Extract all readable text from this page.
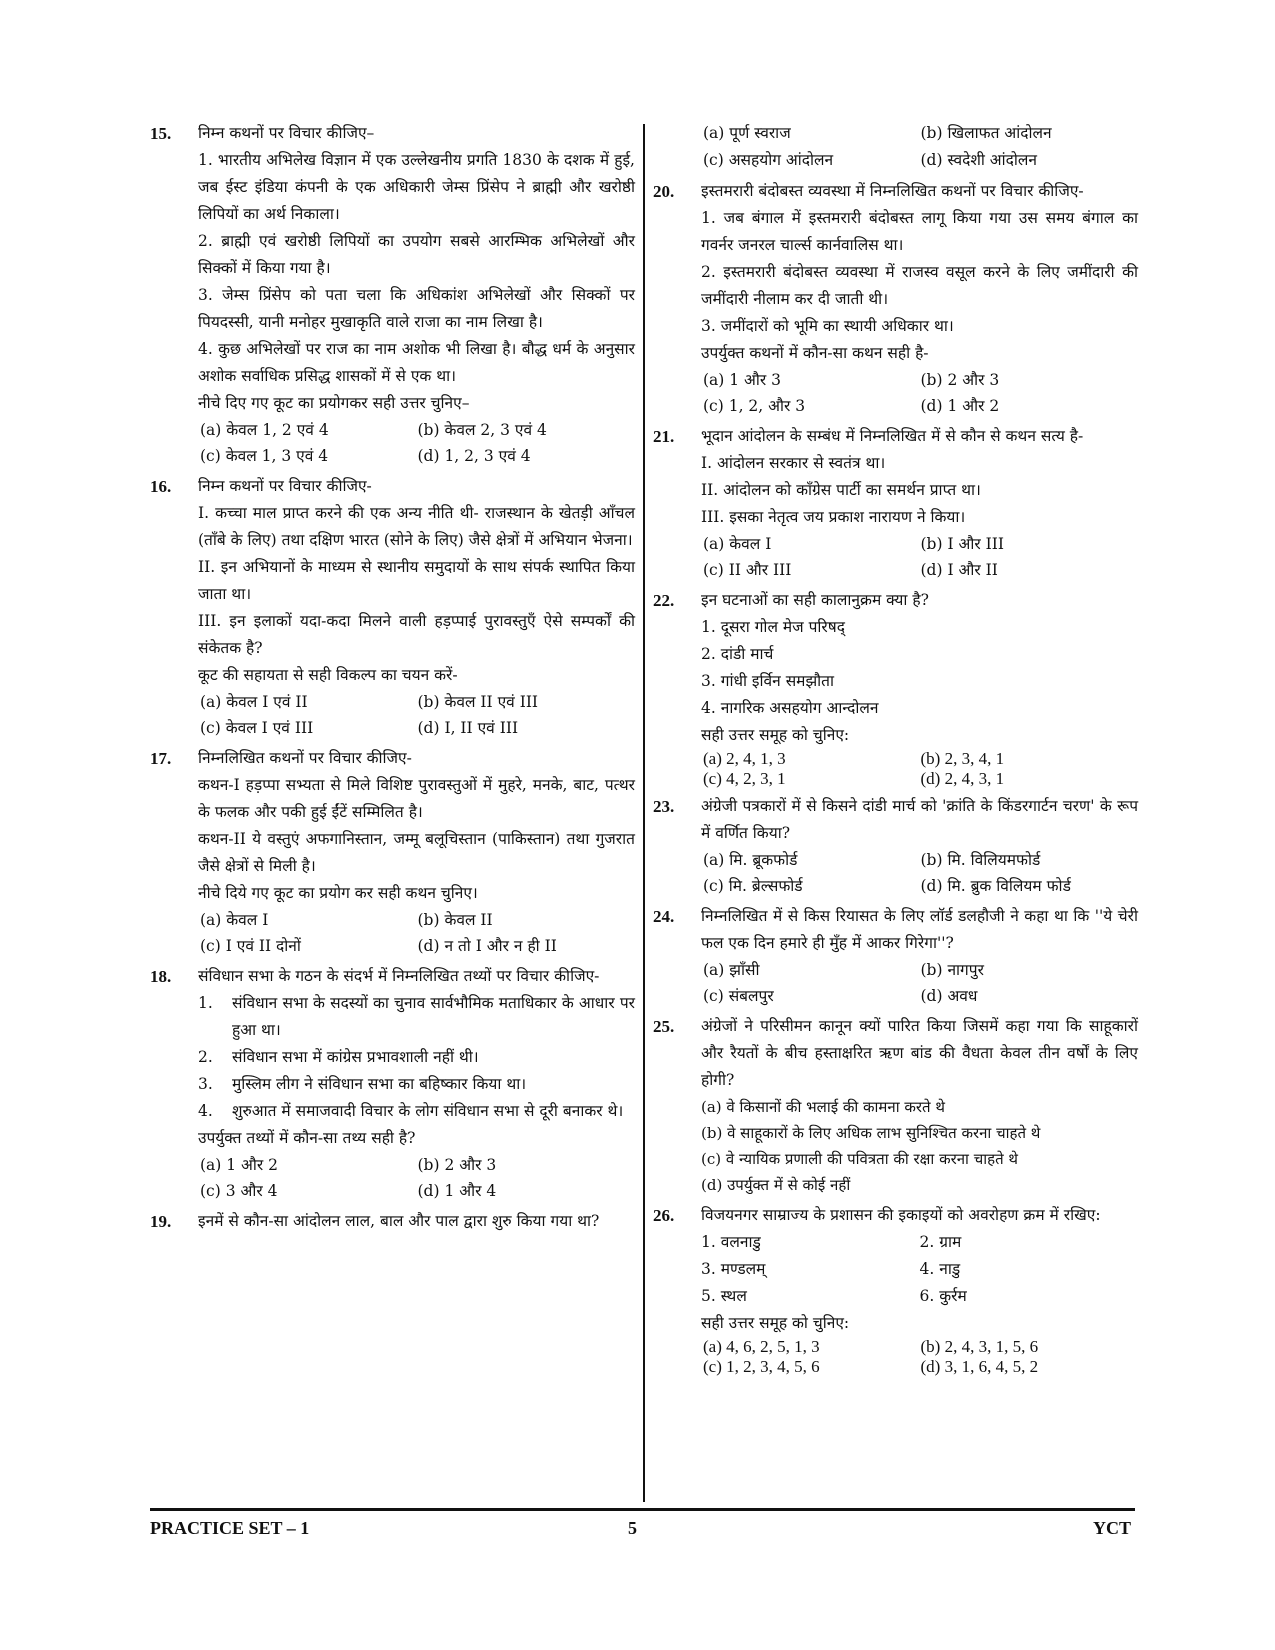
15.	निम्न कथनों पर विचार कीजिए–

1. भारतीय अभिलेख विज्ञान में एक उल्लेखनीय प्रगति 1830 के दशक में हुई, जब ईस्ट इंडिया कंपनी के एक अधिकारी जेम्स प्रिंसेप ने ब्राह्मी और खरोष्ठी लिपियों का अर्थ निकाला।

2. ब्राह्मी एवं खरोष्ठी लिपियों का उपयोग सबसे आरम्भिक अभिलेखों और सिक्कों में किया गया है।

3. जेम्स प्रिंसेप को पता चला कि अधिकांश अभिलेखों और सिक्कों पर पियदस्सी, यानी मनोहर मुखाकृति वाले राजा का नाम लिखा है।

4. कुछ अभिलेखों पर राज का नाम अशोक भी लिखा है। बौद्ध धर्म के अनुसार अशोक सर्वाधिक प्रसिद्ध शासकों में से एक था।

नीचे दिए गए कूट का प्रयोगकर सही उत्तर चुनिए–

(a) केवल 1, 2 एवं 4	(b) केवल 2, 3 एवं 4
(c) केवल 1, 3 एवं 4	(d) 1, 2, 3 एवं 4
16.	निम्न कथनों पर विचार कीजिए-

I. कच्चा माल प्राप्त करने की एक अन्य नीति थी- राजस्थान के खेतड़ी आँचल (ताँबे के लिए) तथा दक्षिण भारत (सोने के लिए) जैसे क्षेत्रों में अभियान भेजना।

II. इन अभियानों के माध्यम से स्थानीय समुदायों के साथ संपर्क स्थापित किया जाता था।

III. इन इलाकों यदा-कदा मिलने वाली हड़प्पाई पुरावस्तुएँ ऐसे सम्पर्कों की संकेतक है?

कूट की सहायता से सही विकल्प का चयन करें-

(a) केवल I एवं II	(b) केवल II एवं III
(c) केवल I एवं III	(d) I, II एवं III
17.	निम्नलिखित कथनों पर विचार कीजिए-

कथन-I हड़प्पा सभ्यता से मिले विशिष्ट पुरावस्तुओं में मुहरे, मनके, बाट, पत्थर के फलक और पकी हुई ईंटें सम्मिलित है।

कथन-II ये वस्तुएं अफगानिस्तान, जम्मू बलूचिस्तान (पाकिस्तान) तथा गुजरात जैसे क्षेत्रों से मिली है।

नीचे दिये गए कूट का प्रयोग कर सही कथन चुनिए।

(a) केवल I	(b) केवल II
(c) I एवं II दोनों	(d) न तो I और न ही II
18.	संविधान सभा के गठन के संदर्भ में निम्नलिखित तथ्यों पर विचार कीजिए-

1.	संविधान सभा के सदस्यों का चुनाव सार्वभौमिक मताधिकार के आधार पर हुआ था।

2.	संविधान सभा में कांग्रेस प्रभावशाली नहीं थी।

3.	मुस्लिम लीग ने संविधान सभा का बहिष्कार किया था।

4.	शुरुआत में समाजवादी विचार के लोग संविधान सभा से दूरी बनाकर थे।

उपर्युक्त तथ्यों में कौन-सा तथ्य सही है?

(a) 1 और 2	(b) 2 और 3
(c) 3 और 4	(d) 1 और 4
19.	इनमें से कौन-सा आंदोलन लाल, बाल और पाल द्वारा शुरु किया गया था?

(a) पूर्ण स्वराज	(b) खिलाफत आंदोलन
(c) असहयोग आंदोलन	(d) स्वदेशी आंदोलन
20.	इस्तमरारी बंदोबस्त व्यवस्था में निम्नलिखित कथनों पर विचार कीजिए-

1. जब बंगाल में इस्तमरारी बंदोबस्त लागू किया गया उस समय बंगाल का गवर्नर जनरल चार्ल्स कार्नवालिस था।

2. इस्तमरारी बंदोबस्त व्यवस्था में राजस्व वसूल करने के लिए जमींदारी की जमींदारी नीलाम कर दी जाती थी।

3. जमींदारों को भूमि का स्थायी अधिकार था।

उपर्युक्त कथनों में कौन-सा कथन सही है-

(a) 1 और 3	(b) 2 और 3
(c) 1, 2, और 3	(d) 1 और 2
21.	भूदान आंदोलन के सम्बंध में निम्नलिखित में से कौन से कथन सत्य है-

I. आंदोलन सरकार से स्वतंत्र था।

II. आंदोलन को काँग्रेस पार्टी का समर्थन प्राप्त था।

III. इसका नेतृत्व जय प्रकाश नारायण ने किया।

(a) केवल I	(b) I और III
(c) II और III	(d) I और II
22.	इन घटनाओं का सही कालानुक्रम क्या है?

1. दूसरा गोल मेज परिषद्

2. दांडी मार्च

3. गांधी इर्विन समझौता

4. नागरिक असहयोग आन्दोलन

सही उत्तर समूह को चुनिए:

(a) 2, 4, 1, 3	(b) 2, 3, 4, 1
(c) 4, 2, 3, 1	(d) 2, 4, 3, 1
23.	अंग्रेजी पत्रकारों में से किसने दांडी मार्च को 'क्रांति के किंडरगार्टन चरण' के रूप में वर्णित किया?

(a) मि. ब्रूकफोर्ड	(b) मि. विलियमफोर्ड
(c) मि. ब्रेल्सफोर्ड	(d) मि. ब्रुक विलियम फोर्ड
24.	निम्नलिखित में से किस रियासत के लिए लॉर्ड डलहौजी ने कहा था कि ''ये चेरी फल एक दिन हमारे ही मुँह में आकर गिरेगा''?

(a) झाँसी	(b) नागपुर
(c) संबलपुर	(d) अवध
25.	अंग्रेजों ने परिसीमन कानून क्यों पारित किया जिसमें कहा गया कि साहूकारों और रैयतों के बीच हस्ताक्षरित ऋण बांड की वैधता केवल तीन वर्षों के लिए होगी?

(a) वे किसानों की भलाई की कामना करते थे
(b) वे साहूकारों के लिए अधिक लाभ सुनिश्चित करना चाहते थे
(c) वे न्यायिक प्रणाली की पवित्रता की रक्षा करना चाहते थे
(d) उपर्युक्त में से कोई नहीं
26.	विजयनगर साम्राज्य के प्रशासन की इकाइयों को अवरोहण क्रम में रखिए:

1. वलनाडु	2. ग्राम
3. मण्डलम्	4. नाडु
5. स्थल	6. कुर्रम

सही उत्तर समूह को चुनिए:

(a) 4, 6, 2, 5, 1, 3	(b) 2, 4, 3, 1, 5, 6
(c) 1, 2, 3, 4, 5, 6	(d) 3, 1, 6, 4, 5, 2
PRACTICE SET – 1	5	YCT
